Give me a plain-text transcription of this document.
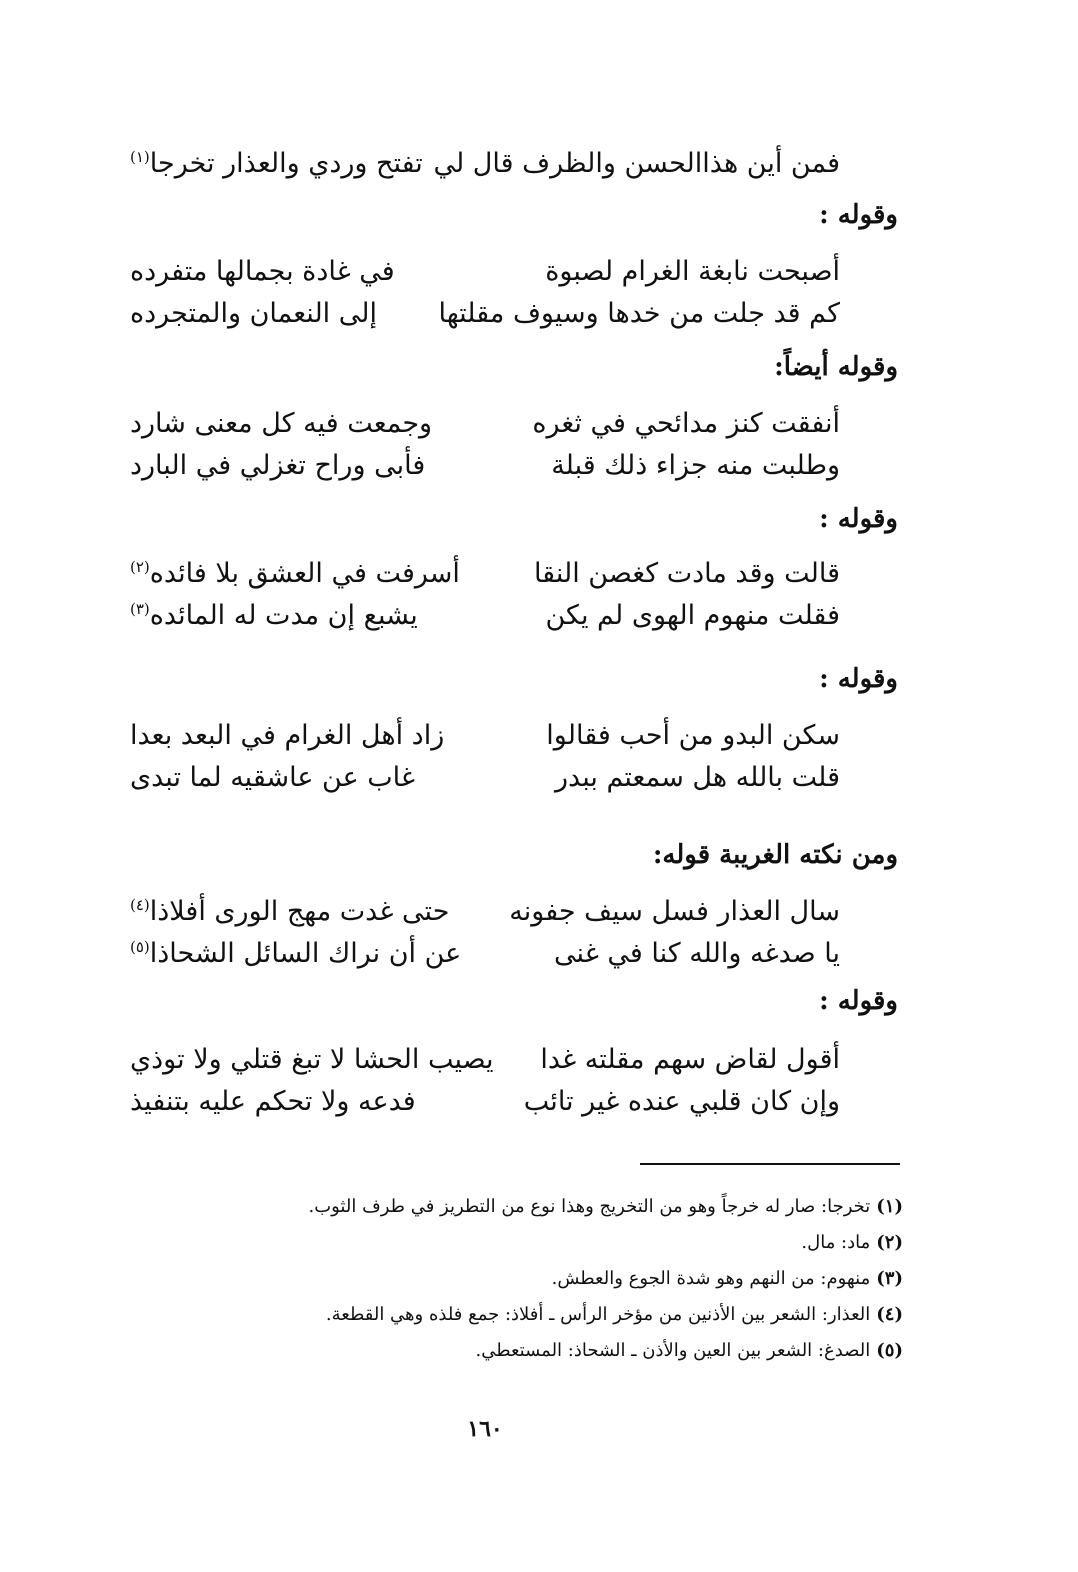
فمن أين هذاالحسن والظرف قال لي
تفتح وردي والعذار تخرجا$^{(١)}$
وقوله :
أصبحت نابغة الغرام لصبوة
في غادة بجمالها متفرده
كم قد جلت من خدها وسيوف مقلتها
إلى النعمان والمتجرده
وقوله أيضاً:
أنفقت كنز مدائحي في ثغره
وجمعت فيه كل معنى شارد
وطلبت منه جزاء ذلك قبلة
فأبى وراح تغزلي في البارد
وقوله :
قالت وقد مادت كغصن النقا
أسرفت في العشق بلا فائده$^{(٢)}$
فقلت منهوم الهوى لم يكن
يشبع إن مدت له المائده$^{(٣)}$
وقوله :
سكن البدو من أحب فقالوا
زاد أهل الغرام في البعد بعدا
قلت بالله هل سمعتم ببدر
غاب عن عاشقيه لما تبدى
ومن نكته الغريبة قوله:
سال العذار فسل سيف جفونه
حتى غدت مهج الورى أفلاذا$^{(٤)}$
يا صدغه والله كنا في غنى
عن أن نراك السائل الشحاذا$^{(٥)}$
وقوله :
أقول لقاض سهم مقلته غدا
يصيب الحشا لا تبغ قتلي ولا توذي
وإن كان قلبي عنده غير تائب
فدعه ولا تحكم عليه بتنفيذ
(١)تخرجا: صار له خرجاً وهو من التخريج وهذا نوع من التطريز في طرف الثوب.
(٢)ماد: مال.
(٣)منهوم: من النهم وهو شدة الجوع والعطش.
(٤)العذار: الشعر بين الأذنين من مؤخر الرأس ـ أفلاذ: جمع فلذه وهي القطعة.
(٥)الصدغ: الشعر بين العين والأذن ـ الشحاذ: المستعطي.
١٦٠
